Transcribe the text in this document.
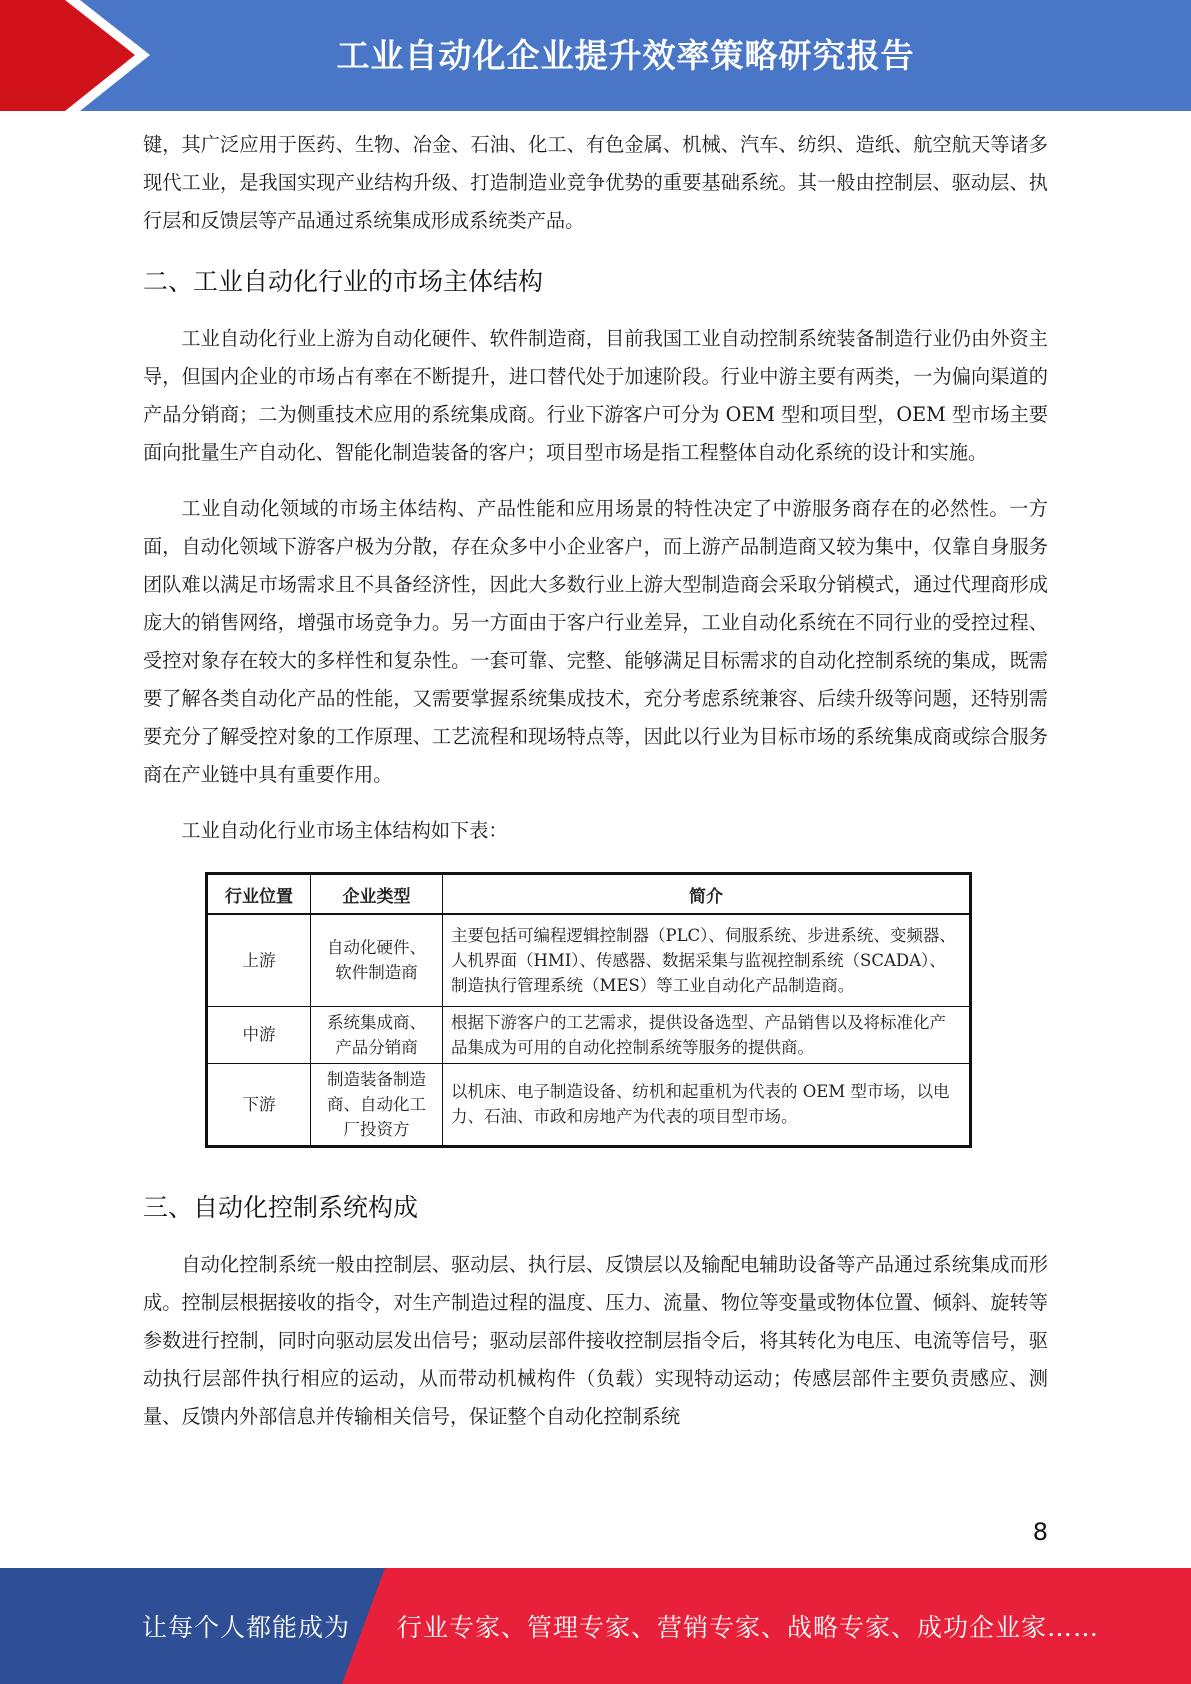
工业自动化企业提升效率策略研究报告

键，其广泛应用于医药、生物、冶金、石油、化工、有色金属、机械、汽车、纺织、造纸、航空航天等诸多现代工业，是我国实现产业结构升级、打造制造业竞争优势的重要基础系统。其一般由控制层、驱动层、执行层和反馈层等产品通过系统集成形成系统类产品。

二、工业自动化行业的市场主体结构

工业自动化行业上游为自动化硬件、软件制造商，目前我国工业自动控制系统装备制造行业仍由外资主导，但国内企业的市场占有率在不断提升，进口替代处于加速阶段。行业中游主要有两类，一为偏向渠道的产品分销商；二为侧重技术应用的系统集成商。行业下游客户可分为 OEM 型和项目型，OEM 型市场主要面向批量生产自动化、智能化制造装备的客户；项目型市场是指工程整体自动化系统的设计和实施。

工业自动化领域的市场主体结构、产品性能和应用场景的特性决定了中游服务商存在的必然性。一方面，自动化领域下游客户极为分散，存在众多中小企业客户，而上游产品制造商又较为集中，仅靠自身服务团队难以满足市场需求且不具备经济性，因此大多数行业上游大型制造商会采取分销模式，通过代理商形成庞大的销售网络，增强市场竞争力。另一方面由于客户行业差异，工业自动化系统在不同行业的受控过程、受控对象存在较大的多样性和复杂性。一套可靠、完整、能够满足目标需求的自动化控制系统的集成，既需要了解各类自动化产品的性能，又需要掌握系统集成技术，充分考虑系统兼容、后续升级等问题，还特别需要充分了解受控对象的工作原理、工艺流程和现场特点等，因此以行业为目标市场的系统集成商或综合服务商在产业链中具有重要作用。

工业自动化行业市场主体结构如下表：

行业位置	企业类型	简介
上游	自动化硬件、软件制造商	主要包括可编程逻辑控制器（PLC）、伺服系统、步进系统、变频器、人机界面（HMI）、传感器、数据采集与监视控制系统（SCADA）、制造执行管理系统（MES）等工业自动化产品制造商。
中游	系统集成商、产品分销商	根据下游客户的工艺需求，提供设备选型、产品销售以及将标准化产品集成为可用的自动化控制系统等服务的提供商。
下游	制造装备制造商、自动化工厂投资方	以机床、电子制造设备、纺机和起重机为代表的 OEM 型市场，以电力、石油、市政和房地产为代表的项目型市场。
三、自动化控制系统构成

自动化控制系统一般由控制层、驱动层、执行层、反馈层以及输配电辅助设备等产品通过系统集成而形成。控制层根据接收的指令，对生产制造过程的温度、压力、流量、物位等变量或物体位置、倾斜、旋转等参数进行控制，同时向驱动层发出信号；驱动层部件接收控制层指令后，将其转化为电压、电流等信号，驱动执行层部件执行相应的运动，从而带动机械构件（负载）实现特动运动；传感层部件主要负责感应、测量、反馈内外部信息并传输相关信号，保证整个自动化控制系统

8
让每个人都能成为 行业专家、管理专家、营销专家、战略专家、成功企业家……
